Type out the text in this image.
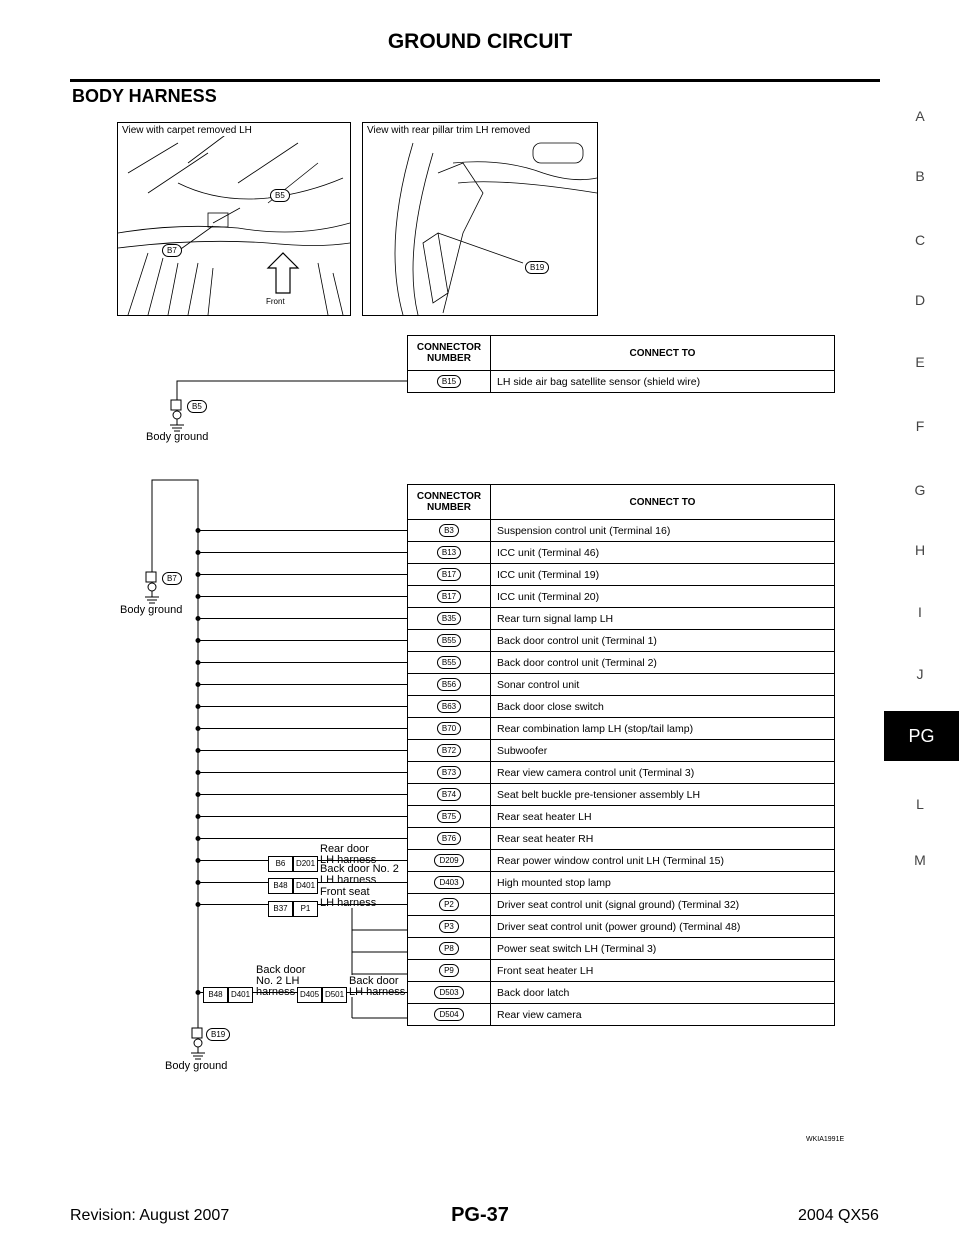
GROUND CIRCUIT
BODY HARNESS
A
B
C
D
E
F
G
H
I
J
PG
L
M
View with carpet removed LH
B5
B7
Front
View with rear pillar trim LH removed
B19
B6	D201
Rear door LH harness
B48	D401
Back door No. 2 LH harness
B37	P1
Front seat LH harness
B48	D401
Back door No. 2 LH harness D405 D501
Back door LH harness
B5
Body ground
B7
Body ground
B19
Body ground
CONNECTOR NUMBER	CONNECT TO
B15	LH side air bag satellite sensor (shield wire)
CONNECTOR NUMBER	CONNECT TO
B3	Suspension control unit (Terminal 16)
B13	ICC unit (Terminal 46)
B17	ICC unit (Terminal 19)
B17	ICC unit (Terminal 20)
B35	Rear turn signal lamp LH
B55	Back door control unit (Terminal 1)
B55	Back door control unit (Terminal 2)
B56	Sonar control unit
B63	Back door close switch
B70	Rear combination lamp LH (stop/tail lamp)
B72	Subwoofer
B73	Rear view camera control unit (Terminal 3)
B74	Seat belt buckle pre-tensioner assembly LH
B75	Rear seat heater LH
B76	Rear seat heater RH
D209	Rear power window control unit LH (Terminal 15)
D403	High mounted stop lamp
P2	Driver seat control unit (signal ground) (Terminal 32)
P3	Driver seat control unit (power ground) (Terminal 48)
P8	Power seat switch LH (Terminal 3)
P9	Front seat heater LH
D503	Back door latch
D504	Rear view camera
WKIA1991E
Revision: August 2007	PG-37	2004 QX56
